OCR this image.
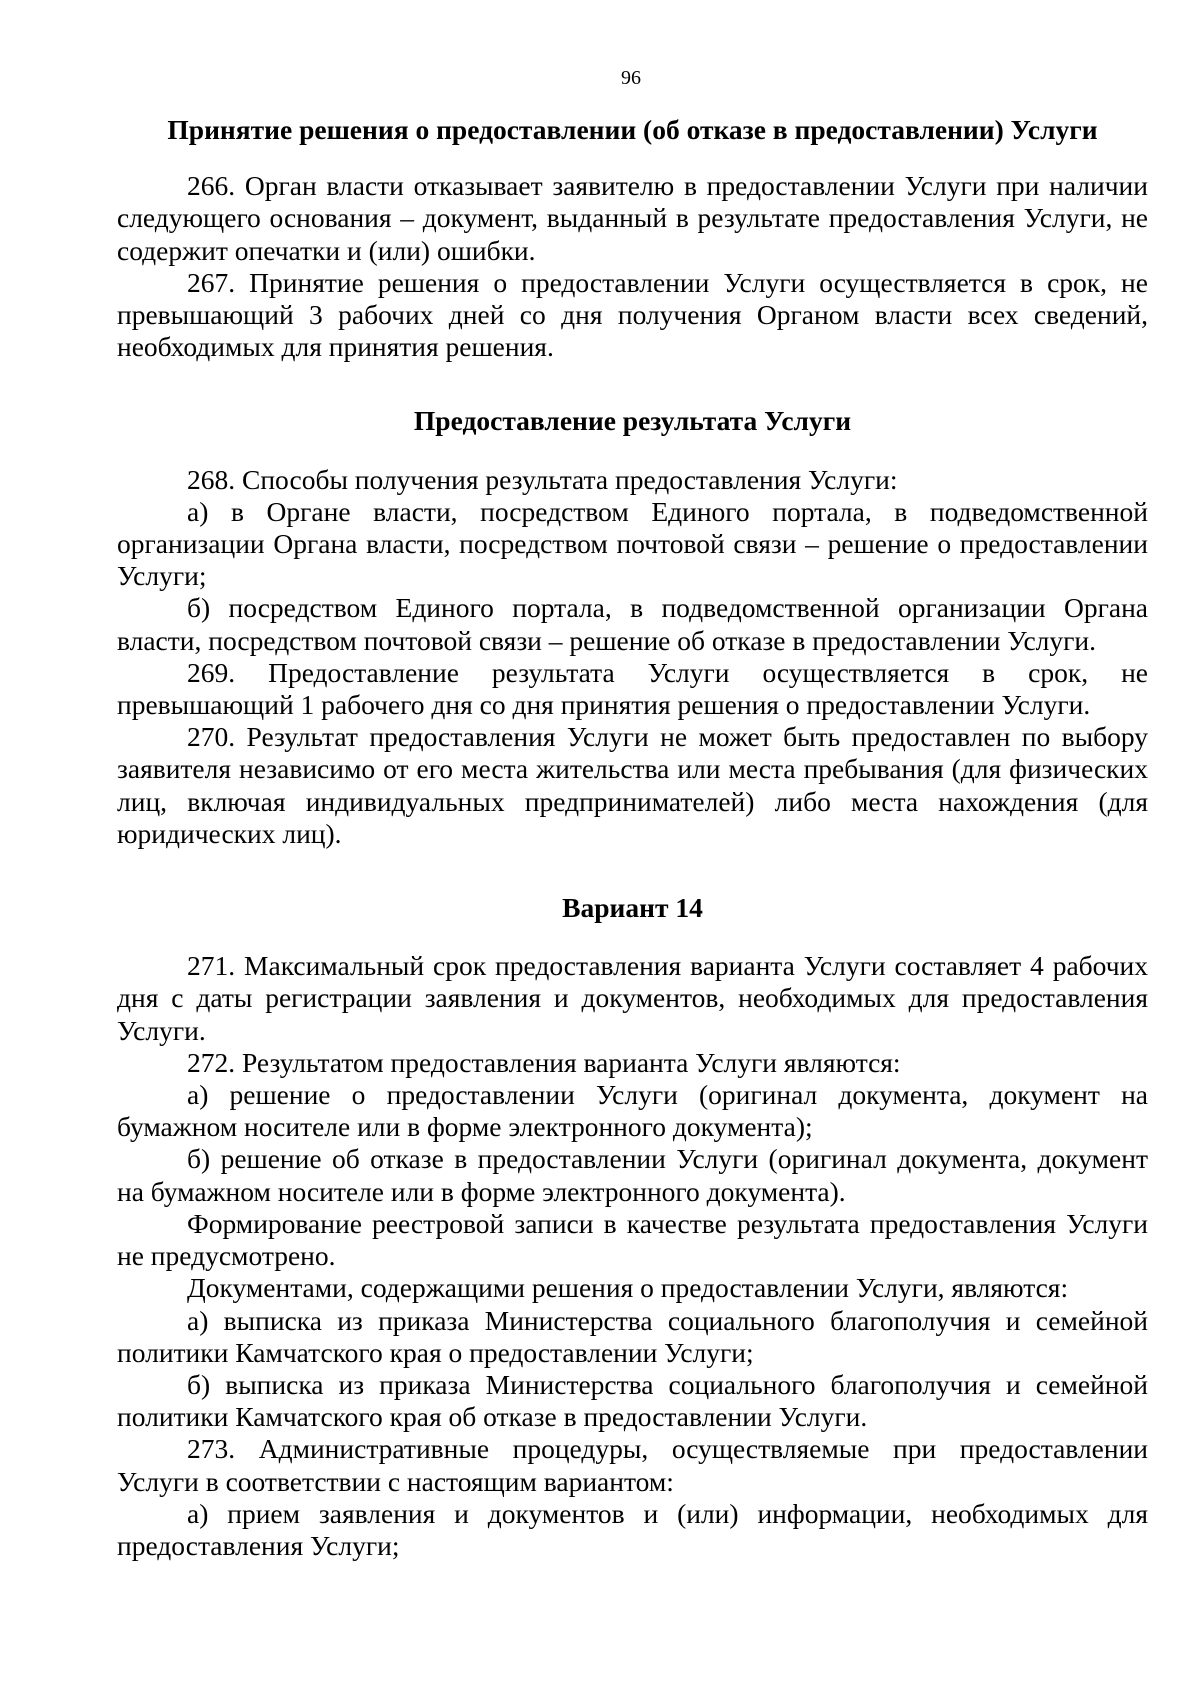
96

Принятие решения о предоставлении (об отказе в предоставлении) Услуги

266. Орган власти отказывает заявителю в предоставлении Услуги при наличии следующего основания – документ, выданный в результате предоставления Услуги, не содержит опечатки и (или) ошибки.

267. Принятие решения о предоставлении Услуги осуществляется в срок, не превышающий 3 рабочих дней со дня получения Органом власти всех сведений, необходимых для принятия решения.

Предоставление результата Услуги

268. Способы получения результата предоставления Услуги:

а) в Органе власти, посредством Единого портала, в подведомственной организации Органа власти, посредством почтовой связи – решение о предоставлении Услуги;

б) посредством Единого портала, в подведомственной организации Органа власти, посредством почтовой связи – решение об отказе в предоставлении Услуги.

269. Предоставление результата Услуги осуществляется в срок, не превышающий 1 рабочего дня со дня принятия решения о предоставлении Услуги.

270. Результат предоставления Услуги не может быть предоставлен по выбору заявителя независимо от его места жительства или места пребывания (для физических лиц, включая индивидуальных предпринимателей) либо места нахождения (для юридических лиц).

Вариант 14

271. Максимальный срок предоставления варианта Услуги составляет 4 рабочих дня с даты регистрации заявления и документов, необходимых для предоставления Услуги.

272. Результатом предоставления варианта Услуги являются:

а) решение о предоставлении Услуги (оригинал документа, документ на бумажном носителе или в форме электронного документа);

б) решение об отказе в предоставлении Услуги (оригинал документа, документ на бумажном носителе или в форме электронного документа).

Формирование реестровой записи в качестве результата предоставления Услуги не предусмотрено.

Документами, содержащими решения о предоставлении Услуги, являются:

а) выписка из приказа Министерства социального благополучия и семейной политики Камчатского края о предоставлении Услуги;

б) выписка из приказа Министерства социального благополучия и семейной политики Камчатского края об отказе в предоставлении Услуги.

273. Административные процедуры, осуществляемые при предоставлении Услуги в соответствии с настоящим вариантом:

а) прием заявления и документов и (или) информации, необходимых для предоставления Услуги;
